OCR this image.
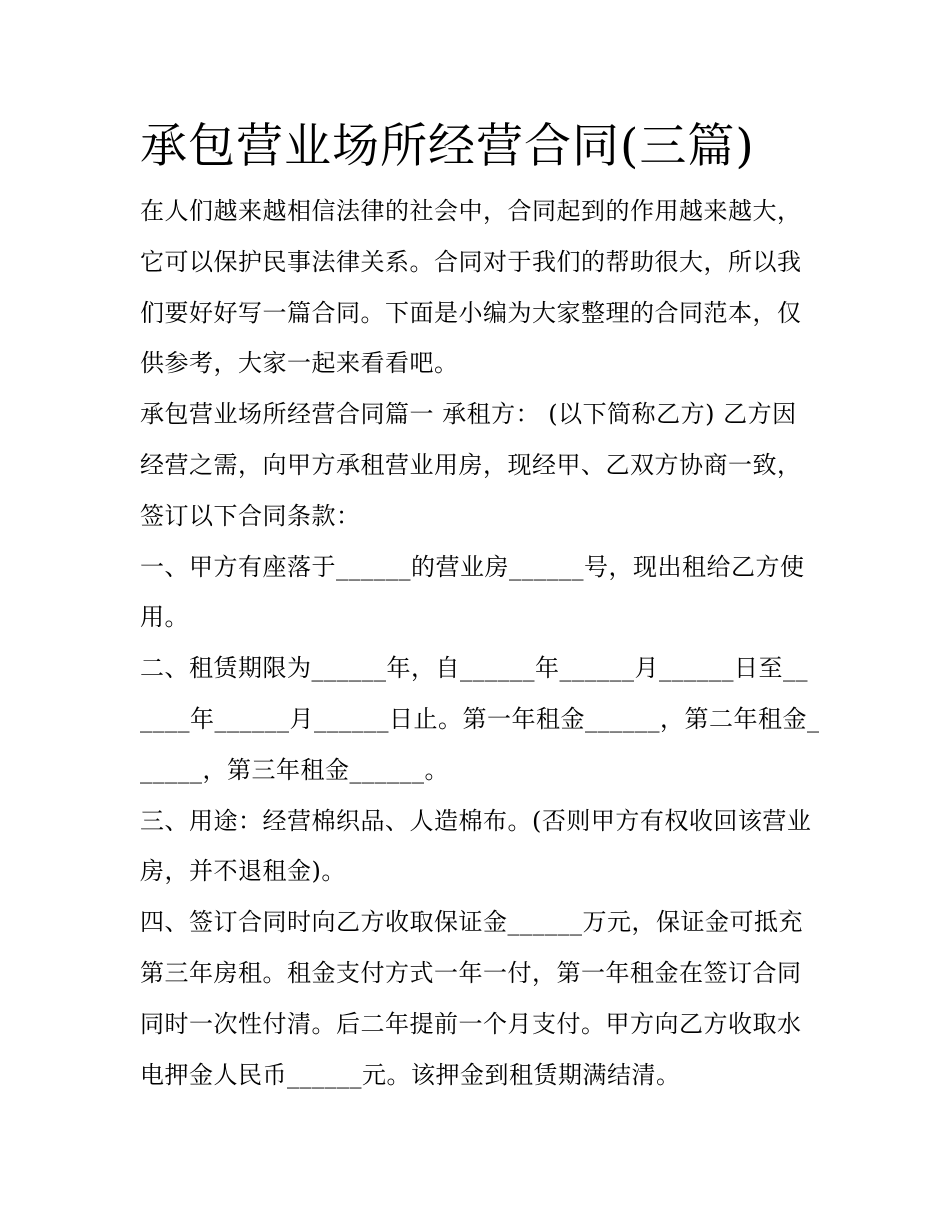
承包营业场所经营合同(三篇)

在人们越来越相信法律的社会中，合同起到的作用越来越大，它可以保护民事法律关系。合同对于我们的帮助很大，所以我们要好好写一篇合同。下面是小编为大家整理的合同范本，仅供参考，大家一起来看看吧。

承包营业场所经营合同篇一 承租方： (以下简称乙方) 乙方因经营之需，向甲方承租营业用房，现经甲、乙双方协商一致，签订以下合同条款：

一、甲方有座落于______的营业房______号，现出租给乙方使用。

二、租赁期限为______年，自______年______月______日至______年______月______日止。第一年租金______，第二年租金______，第三年租金______。

三、用途：经营棉织品、人造棉布。(否则甲方有权收回该营业房，并不退租金)。

四、签订合同时向乙方收取保证金______万元，保证金可抵充第三年房租。租金支付方式一年一付，第一年租金在签订合同同时一次性付清。后二年提前一个月支付。甲方向乙方收取水电押金人民币______元。该押金到租赁期满结清。
